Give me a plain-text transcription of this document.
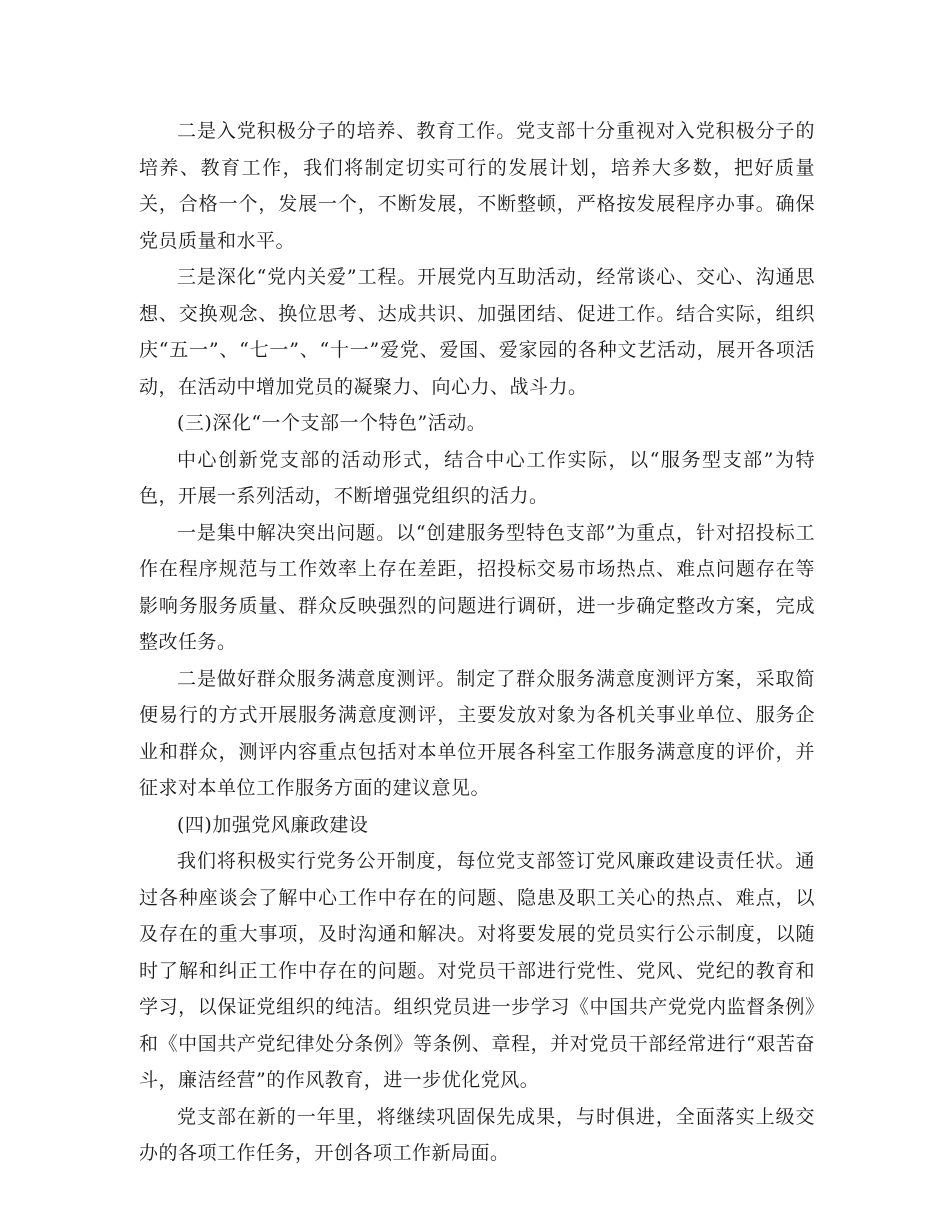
二是入党积极分子的培养、教育工作。党支部十分重视对入党积极分子的培养、教育工作，我们将制定切实可行的发展计划，培养大多数，把好质量关，合格一个，发展一个，不断发展，不断整顿，严格按发展程序办事。确保党员质量和水平。

三是深化“党内关爱”工程。开展党内互助活动，经常谈心、交心、沟通思想、交换观念、换位思考、达成共识、加强团结、促进工作。结合实际，组织庆“五一”、“七一”、“十一”爱党、爱国、爱家园的各种文艺活动，展开各项活动，在活动中增加党员的凝聚力、向心力、战斗力。

(三)深化“一个支部一个特色”活动。

中心创新党支部的活动形式，结合中心工作实际，以“服务型支部”为特色，开展一系列活动，不断增强党组织的活力。

一是集中解决突出问题。以“创建服务型特色支部”为重点，针对招投标工作在程序规范与工作效率上存在差距，招投标交易市场热点、难点问题存在等影响务服务质量、群众反映强烈的问题进行调研，进一步确定整改方案，完成整改任务。

二是做好群众服务满意度测评。制定了群众服务满意度测评方案，采取简便易行的方式开展服务满意度测评，主要发放对象为各机关事业单位、服务企业和群众，测评内容重点包括对本单位开展各科室工作服务满意度的评价，并征求对本单位工作服务方面的建议意见。

(四)加强党风廉政建设

我们将积极实行党务公开制度，每位党支部签订党风廉政建设责任状。通过各种座谈会了解中心工作中存在的问题、隐患及职工关心的热点、难点，以及存在的重大事项，及时沟通和解决。对将要发展的党员实行公示制度，以随时了解和纠正工作中存在的问题。对党员干部进行党性、党风、党纪的教育和学习，以保证党组织的纯洁。组织党员进一步学习《中国共产党党内监督条例》和《中国共产党纪律处分条例》等条例、章程，并对党员干部经常进行“艰苦奋斗，廉洁经营”的作风教育，进一步优化党风。

党支部在新的一年里，将继续巩固保先成果，与时俱进，全面落实上级交办的各项工作任务，开创各项工作新局面。
